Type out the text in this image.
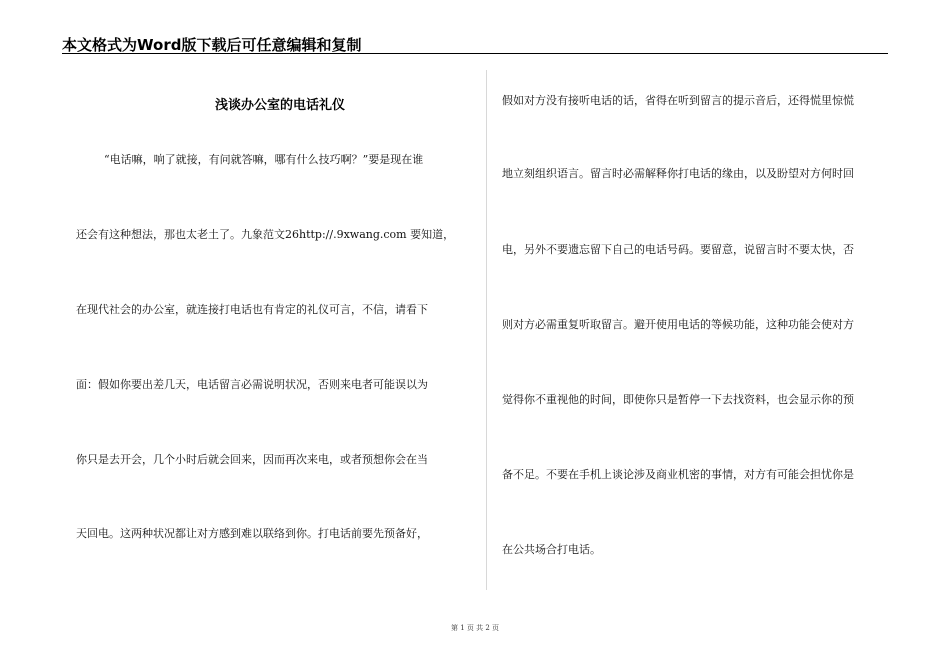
本文格式为Word版下载后可任意编辑和复制
浅谈办公室的电话礼仪
“电话嘛，响了就接，有问就答嘛，哪有什么技巧啊？”要是现在谁
还会有这种想法，那也太老土了。九象范文26http://.9xwang.com 要知道，
在现代社会的办公室，就连接打电话也有肯定的礼仪可言，不信，请看下
面：假如你要出差几天，电话留言必需说明状况，否则来电者可能误以为
你只是去开会，几个小时后就会回来，因而再次来电，或者预想你会在当
天回电。这两种状况都让对方感到难以联络到你。打电话前要先预备好，
假如对方没有接听电话的话，省得在听到留言的提示音后，还得慌里惊慌
地立刻组织语言。留言时必需解释你打电话的缘由，以及盼望对方何时回
电，另外不要遗忘留下自己的电话号码。要留意，说留言时不要太快，否
则对方必需重复听取留言。避开使用电话的等候功能，这种功能会使对方
觉得你不重视他的时间，即使你只是暂停一下去找资料，也会显示你的预
备不足。不要在手机上谈论涉及商业机密的事情，对方有可能会担忧你是
在公共场合打电话。
第 1 页 共 2 页
